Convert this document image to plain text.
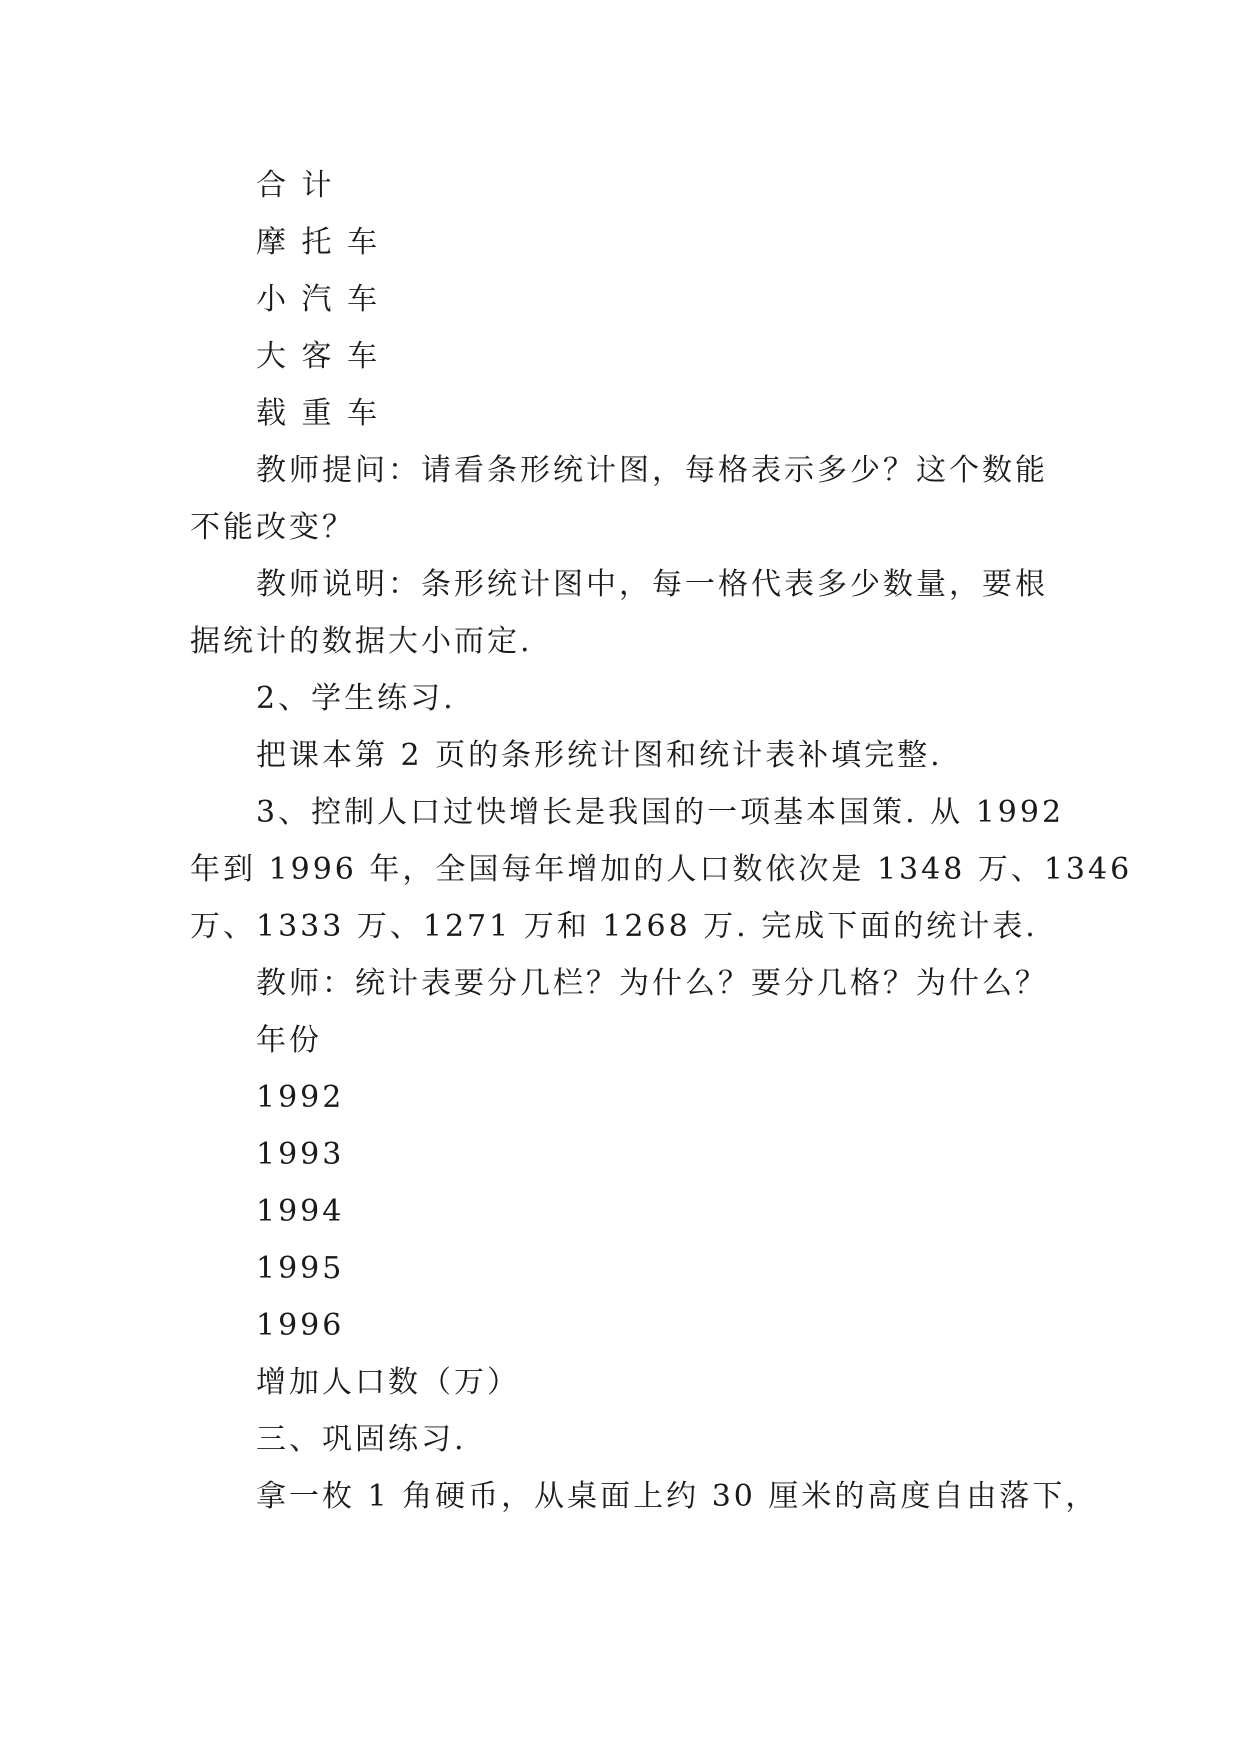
合 计
摩 托 车
小 汽 车
大 客 车
载 重 车
教师提问：请看条形统计图，每格表示多少？这个数能
不能改变？
教师说明：条形统计图中，每一格代表多少数量，要根
据统计的数据大小而定.
2、学生练习.
把课本第 2 页的条形统计图和统计表补填完整.
3、控制人口过快增长是我国的一项基本国策. 从 1992
年到 1996 年，全国每年增加的人口数依次是 1348 万、1346
万、1333 万、1271 万和 1268 万. 完成下面的统计表.
教师：统计表要分几栏？为什么？要分几格？为什么？
年份
1992
1993
1994
1995
1996
增加人口数（万）
三、巩固练习.
拿一枚 1 角硬币，从桌面上约 30 厘米的高度自由落下，
